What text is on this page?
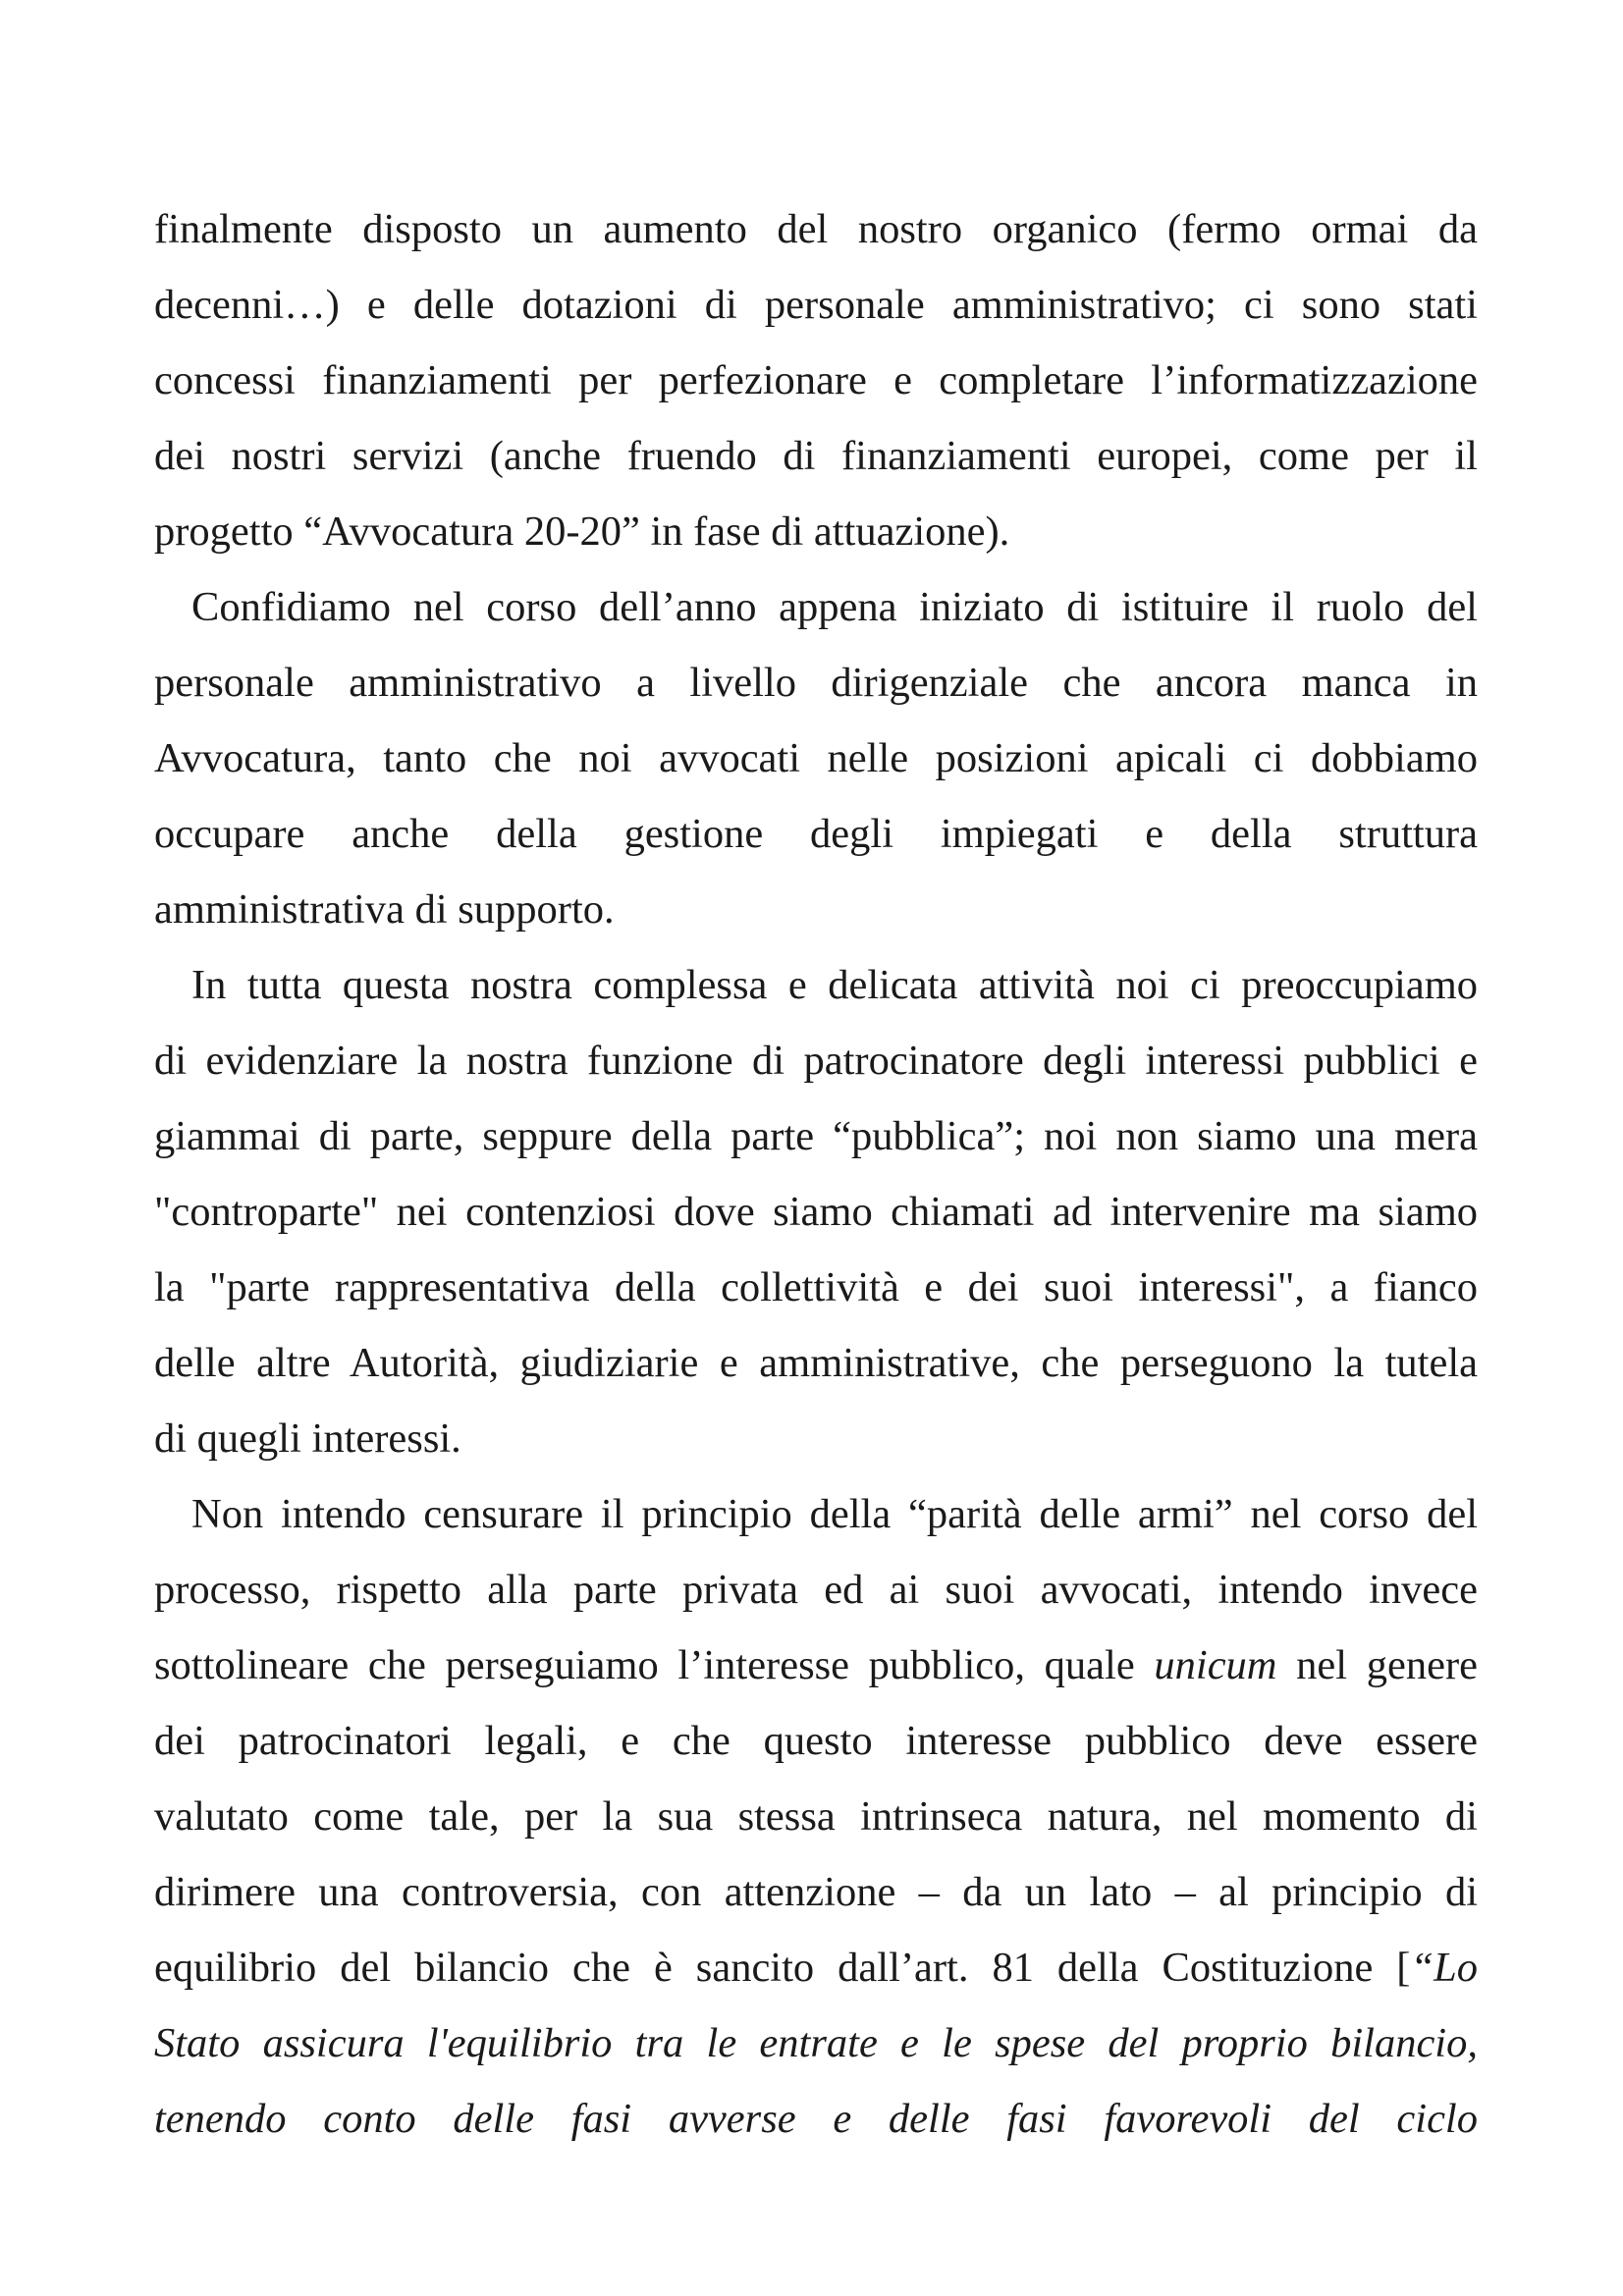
finalmente disposto un aumento del nostro organico (fermo ormai da
decenni…) e delle dotazioni di personale amministrativo; ci sono stati
concessi finanziamenti per perfezionare e completare l’informatizzazione
dei nostri servizi (anche fruendo di finanziamenti europei, come per il
progetto “Avvocatura 20-20” in fase di attuazione).
Confidiamo nel corso dell’anno appena iniziato di istituire il ruolo del
personale amministrativo a livello dirigenziale che ancora manca in
Avvocatura, tanto che noi avvocati nelle posizioni apicali ci dobbiamo
occupare anche della gestione degli impiegati e della struttura
amministrativa di supporto.
In tutta questa nostra complessa e delicata attività noi ci preoccupiamo
di evidenziare la nostra funzione di patrocinatore degli interessi pubblici e
giammai di parte, seppure della parte “pubblica”; noi non siamo una mera
"controparte" nei contenziosi dove siamo chiamati ad intervenire ma siamo
la "parte rappresentativa della collettività e dei suoi interessi", a fianco
delle altre Autorità, giudiziarie e amministrative, che perseguono la tutela
di quegli interessi.
Non intendo censurare il principio della “parità delle armi” nel corso del
processo, rispetto alla parte privata ed ai suoi avvocati, intendo invece
sottolineare che perseguiamo l’interesse pubblico, quale unicum nel genere
dei patrocinatori legali, e che questo interesse pubblico deve essere
valutato come tale, per la sua stessa intrinseca natura, nel momento di
dirimere una controversia, con attenzione – da un lato – al principio di
equilibrio del bilancio che è sancito dall’art. 81 della Costituzione [“Lo
Stato assicura l'equilibrio tra le entrate e le spese del proprio bilancio,
tenendo conto delle fasi avverse e delle fasi favorevoli del ciclo
